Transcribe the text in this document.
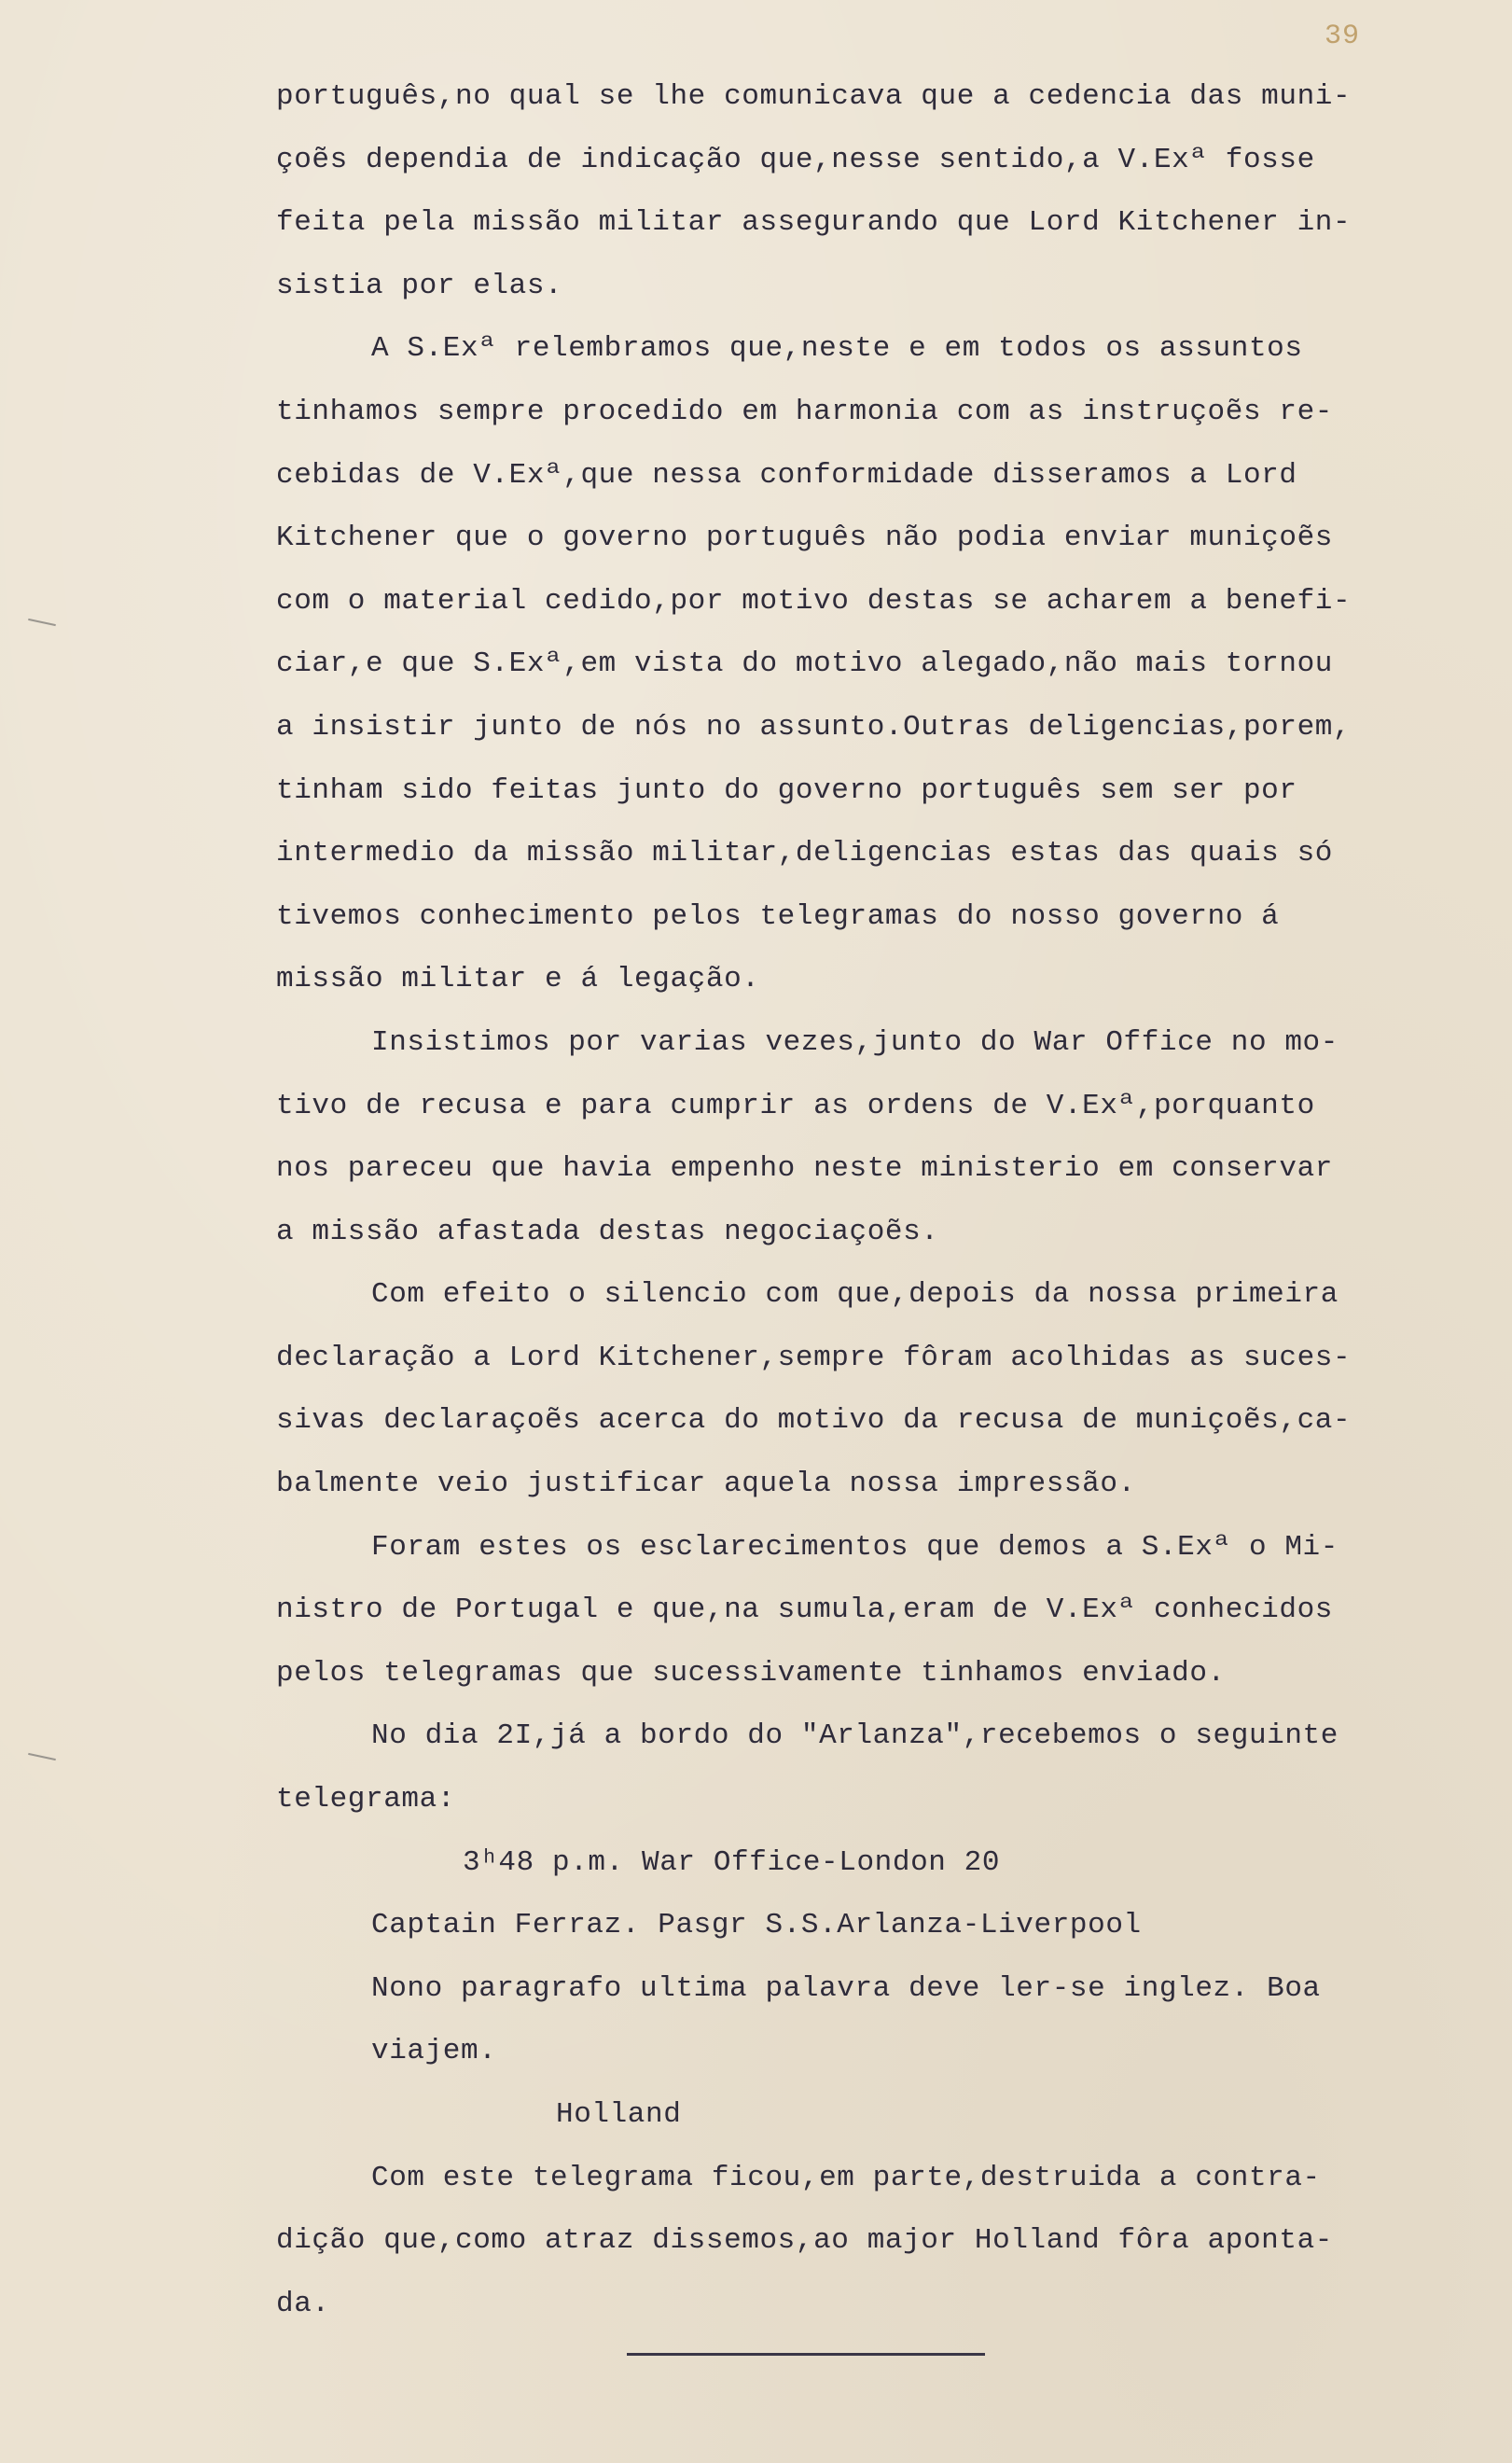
39
português,no qual se lhe comunicava que a cedencia das muni-
çoẽs dependia de indicação que,nesse sentido,a V.Exª fosse
feita pela missão militar assegurando que Lord Kitchener in-
sistia por elas.
A S.Exª relembramos que,neste e em todos os assuntos
tinhamos sempre procedido em harmonia com as instruçoẽs re-
cebidas de V.Exª,que nessa conformidade disseramos a Lord
Kitchener que o governo português não podia enviar muniçoẽs
com o material cedido,por motivo destas se acharem a benefi-
ciar,e que S.Exª,em vista do motivo alegado,não mais tornou
a insistir junto de nós no assunto.Outras deligencias,porem,
tinham sido feitas junto do governo português sem ser por
intermedio da missão militar,deligencias estas das quais só
tivemos conhecimento pelos telegramas do nosso governo á
missão militar e á legação.
Insistimos por varias vezes,junto do War Office no mo-
tivo de recusa e para cumprir as ordens de V.Exª,porquanto
nos pareceu que havia empenho neste ministerio em conservar
a missão afastada destas negociaçoẽs.
Com efeito o silencio com que,depois da nossa primeira
declaração a Lord Kitchener,sempre fôram acolhidas as suces-
sivas declaraçoẽs acerca do motivo da recusa de muniçoẽs,ca-
balmente veio justificar aquela nossa impressão.
Foram estes os esclarecimentos que demos a S.Exª o Mi-
nistro de Portugal e que,na sumula,eram de V.Exª conhecidos
pelos telegramas que sucessivamente tinhamos enviado.
No dia 2I,já a bordo do "Arlanza",recebemos o seguinte
telegrama:
3ʰ48 p.m. War Office-London 20
Captain Ferraz. Pasgr S.S.Arlanza-Liverpool
Nono paragrafo ultima palavra deve ler-se inglez. Boa
viajem.
Holland
Com este telegrama ficou,em parte,destruida a contra-
dição que,como atraz dissemos,ao major Holland fôra aponta-
da.
